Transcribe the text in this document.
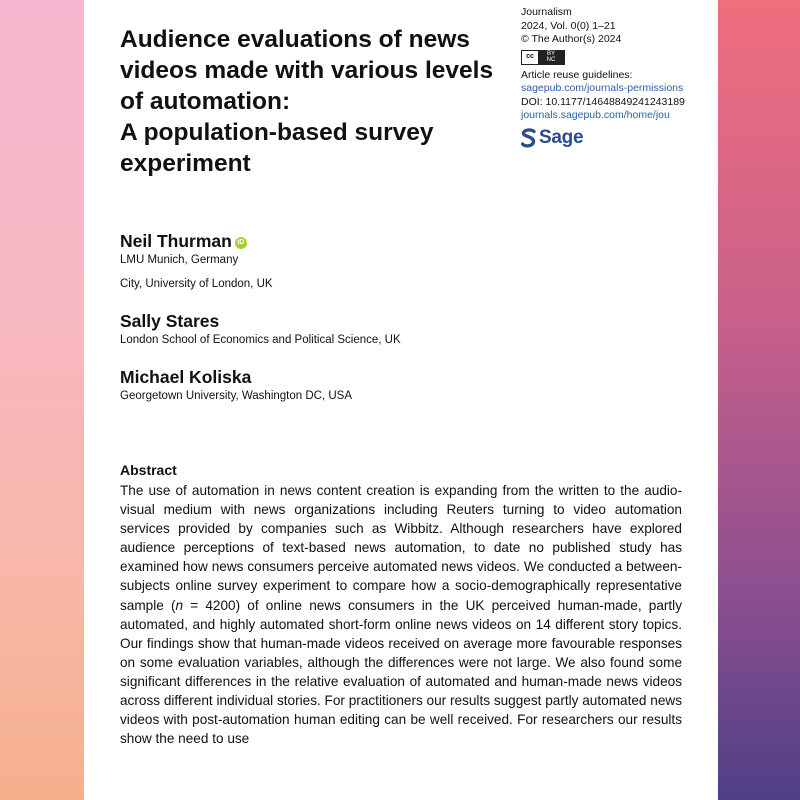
Audience evaluations of news
videos made with various levels
of automation:
A population-based survey
experiment
Journalism
2024, Vol. 0(0) 1–21
© The Author(s) 2024
cc	BY
NC
Article reuse guidelines:
sagepub.com/journals-permissions
DOI: 10.1177/14648849241243189
journals.sagepub.com/home/jou
Sage
Neil Thurman iD
LMU Munich, Germany
City, University of London, UK
Sally Stares
London School of Economics and Political Science, UK
Michael Koliska
Georgetown University, Washington DC, USA
Abstract

The use of automation in news content creation is expanding from the written to the audio-visual medium with news organizations including Reuters turning to video automation services provided by companies such as Wibbitz. Although researchers have explored audience perceptions of text-based news automation, to date no published study has examined how news consumers perceive automated news videos. We conducted a between-subjects online survey experiment to compare how a socio-demographically representative sample (n = 4200) of online news consumers in the UK perceived human-made, partly automated, and highly automated short-form online news videos on 14 different story topics. Our findings show that human-made videos received on average more favourable responses on some evaluation variables, although the differences were not large. We also found some significant differences in the relative evaluation of automated and human-made news videos across different individual stories. For practitioners our results suggest partly automated news videos with post-automation human editing can be well received. For researchers our results show the need to use
